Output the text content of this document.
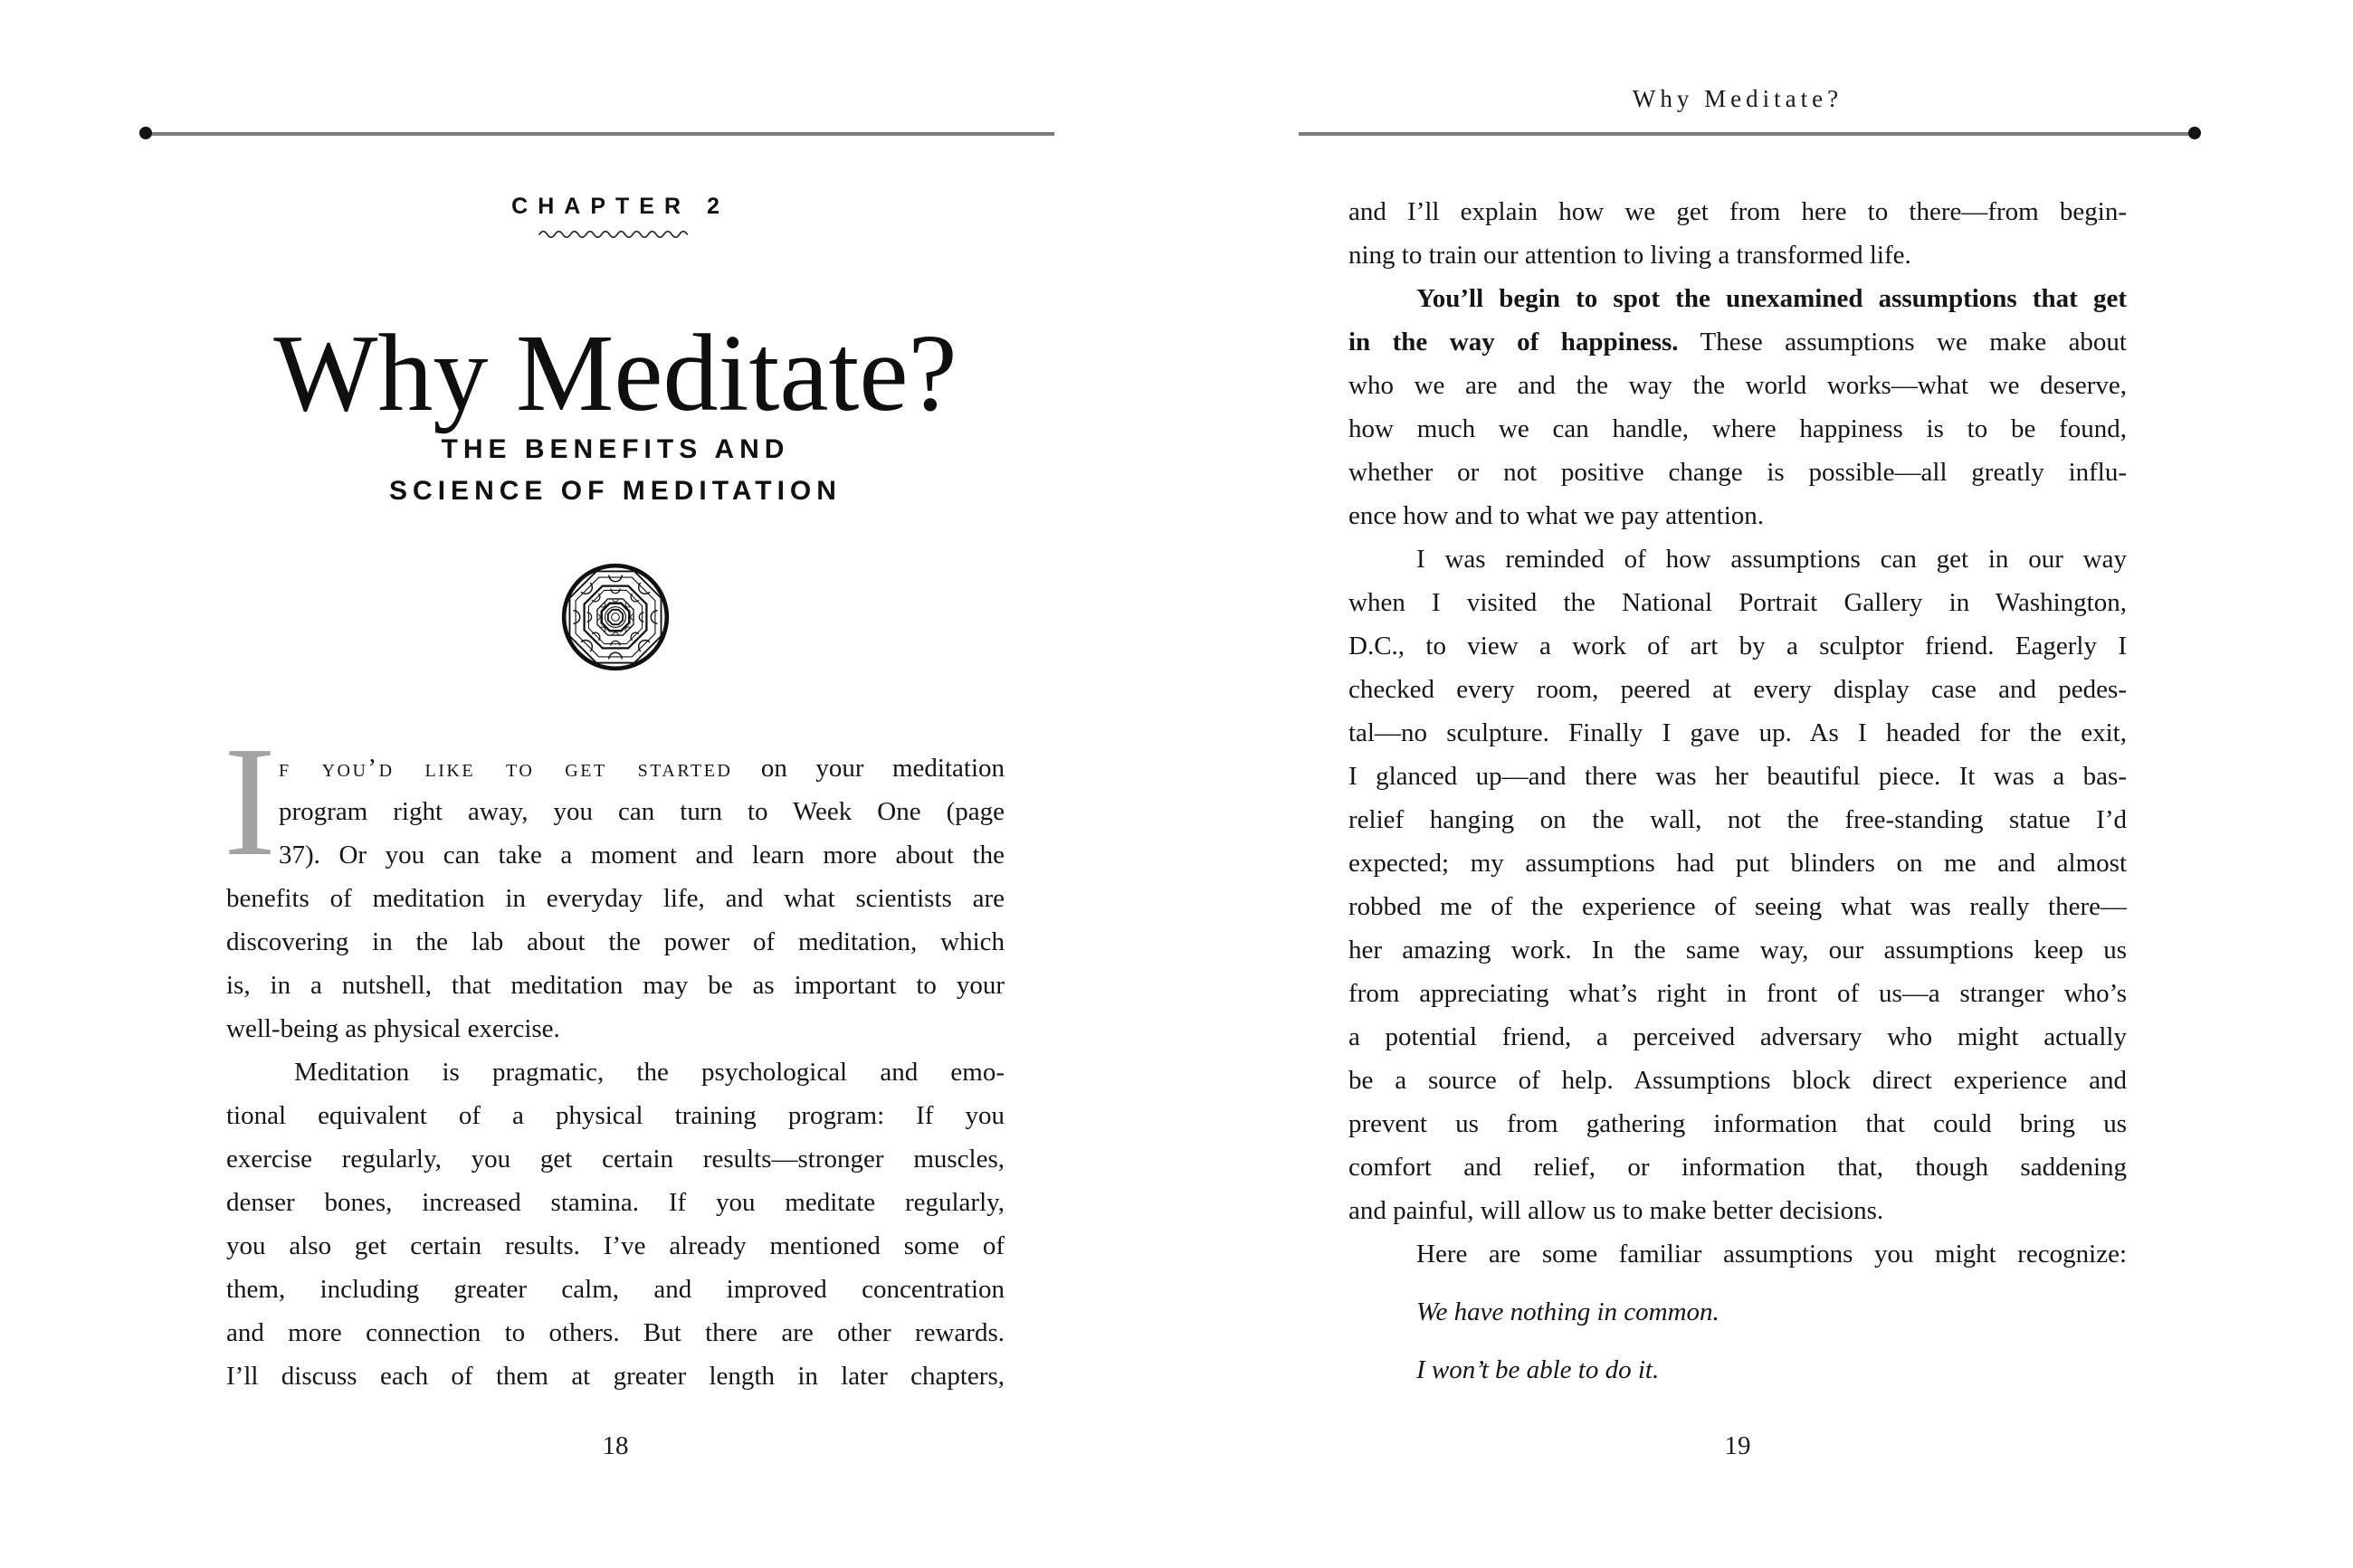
CHAPTER 2
Why Meditate?
THE BENEFITS AND
SCIENCE OF MEDITATION
I f you’d like to get started on your meditation
program right away, you can turn to Week One (page
37). Or you can take a moment and learn more about the
benefits of meditation in everyday life, and what scientists are
discovering in the lab about the power of meditation, which
is, in a nutshell, that meditation may be as important to your
well-being as physical exercise.
Meditation is pragmatic, the psychological and emo-
tional equivalent of a physical training program: If you
exercise regularly, you get certain results—stronger muscles,
denser bones, increased stamina. If you meditate regularly,
you also get certain results. I’ve already mentioned some of
them, including greater calm, and improved concentration
and more connection to others. But there are other rewards.
I’ll discuss each of them at greater length in later chapters,
18
Why Meditate?
and I’ll explain how we get from here to there—from begin-
ning to train our attention to living a transformed life.
You’ll begin to spot the unexamined assumptions that get
in the way of happiness. These assumptions we make about
who we are and the way the world works—what we deserve,
how much we can handle, where happiness is to be found,
whether or not positive change is possible—all greatly influ-
ence how and to what we pay attention.
I was reminded of how assumptions can get in our way
when I visited the National Portrait Gallery in Washington,
D.C., to view a work of art by a sculptor friend. Eagerly I
checked every room, peered at every display case and pedes-
tal—no sculpture. Finally I gave up. As I headed for the exit,
I glanced up—and there was her beautiful piece. It was a bas-
relief hanging on the wall, not the free-standing statue I’d
expected; my assumptions had put blinders on me and almost
robbed me of the experience of seeing what was really there—
her amazing work. In the same way, our assumptions keep us
from appreciating what’s right in front of us—a stranger who’s
a potential friend, a perceived adversary who might actually
be a source of help. Assumptions block direct experience and
prevent us from gathering information that could bring us
comfort and relief, or information that, though saddening
and painful, will allow us to make better decisions.
Here are some familiar assumptions you might recognize:
We have nothing in common.
I won’t be able to do it.
19
